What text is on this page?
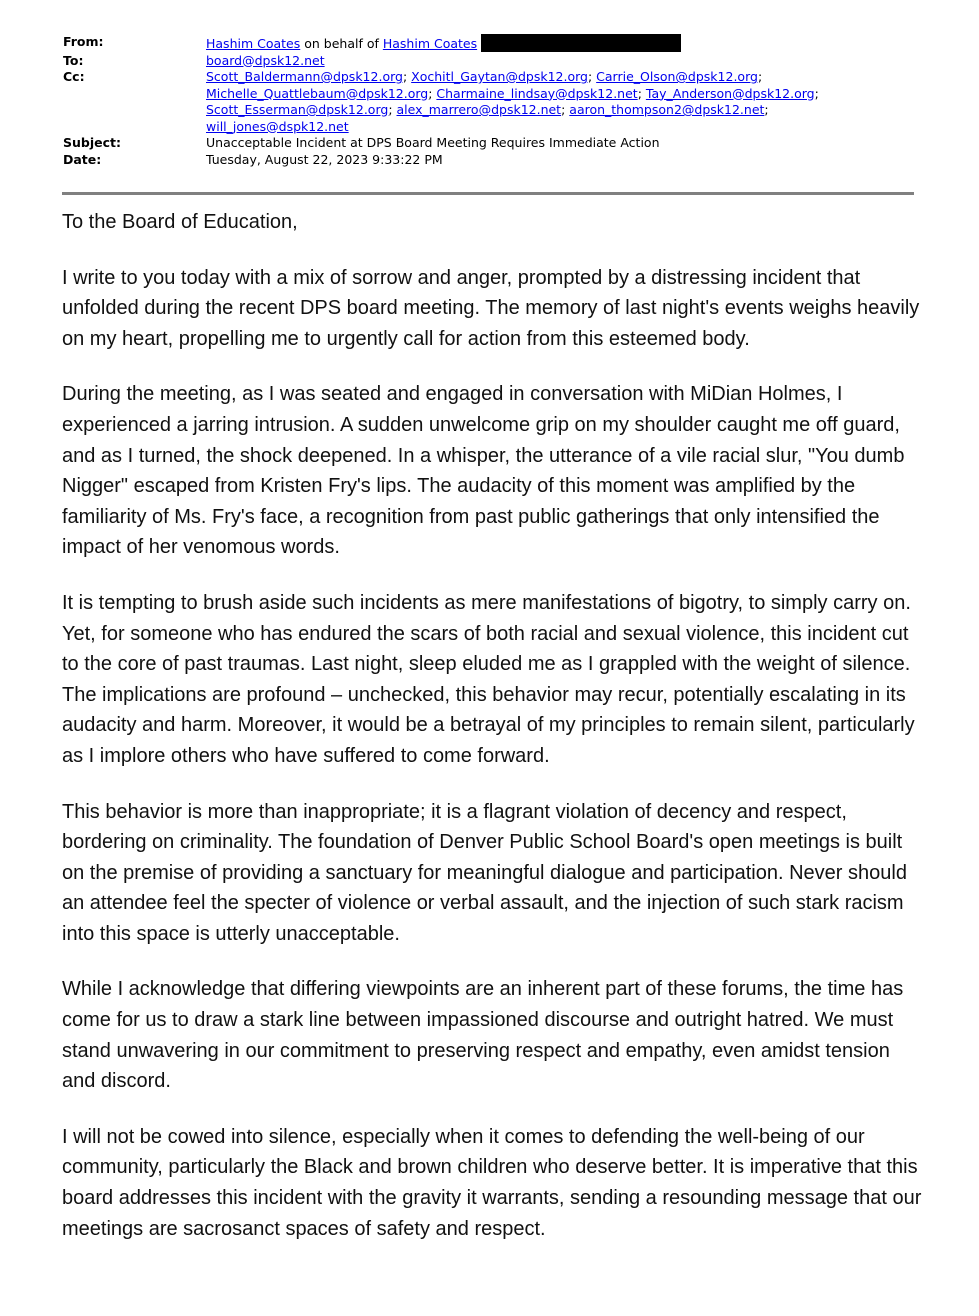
From:	Hashim Coates on behalf of Hashim Coates
To:	board@dpsk12.net
Cc:	Scott_Baldermann@dpsk12.org; Xochitl_Gaytan@dpsk12.org; Carrie_Olson@dpsk12.org;
Michelle_Quattlebaum@dpsk12.org; Charmaine_lindsay@dpsk12.net; Tay_Anderson@dpsk12.org;
Scott_Esserman@dpsk12.org; alex_marrero@dpsk12.net; aaron_thompson2@dpsk12.net;
will_jones@dspk12.net
Subject:	Unacceptable Incident at DPS Board Meeting Requires Immediate Action
Date:	Tuesday, August 22, 2023 9:33:22 PM

To the Board of Education,

I write to you today with a mix of sorrow and anger, prompted by a distressing incident that unfolded during the recent DPS board meeting. The memory of last night's events weighs heavily on my heart, propelling me to urgently call for action from this esteemed body.

During the meeting, as I was seated and engaged in conversation with MiDian Holmes, I experienced a jarring intrusion. A sudden unwelcome grip on my shoulder caught me off guard, and as I turned, the shock deepened. In a whisper, the utterance of a vile racial slur, "You dumb Nigger" escaped from Kristen Fry's lips. The audacity of this moment was amplified by the familiarity of Ms. Fry's face, a recognition from past public gatherings that only intensified the impact of her venomous words.

It is tempting to brush aside such incidents as mere manifestations of bigotry, to simply carry on. Yet, for someone who has endured the scars of both racial and sexual violence, this incident cut to the core of past traumas. Last night, sleep eluded me as I grappled with the weight of silence. The implications are profound – unchecked, this behavior may recur, potentially escalating in its audacity and harm. Moreover, it would be a betrayal of my principles to remain silent, particularly as I implore others who have suffered to come forward.

This behavior is more than inappropriate; it is a flagrant violation of decency and respect, bordering on criminality. The foundation of Denver Public School Board's open meetings is built on the premise of providing a sanctuary for meaningful dialogue and participation. Never should an attendee feel the specter of violence or verbal assault, and the injection of such stark racism into this space is utterly unacceptable.

While I acknowledge that differing viewpoints are an inherent part of these forums, the time has come for us to draw a stark line between impassioned discourse and outright hatred. We must stand unwavering in our commitment to preserving respect and empathy, even amidst tension and discord.

I will not be cowed into silence, especially when it comes to defending the well-being of our community, particularly the Black and brown children who deserve better. It is imperative that this board addresses this incident with the gravity it warrants, sending a resounding message that our meetings are sacrosanct spaces of safety and respect.
